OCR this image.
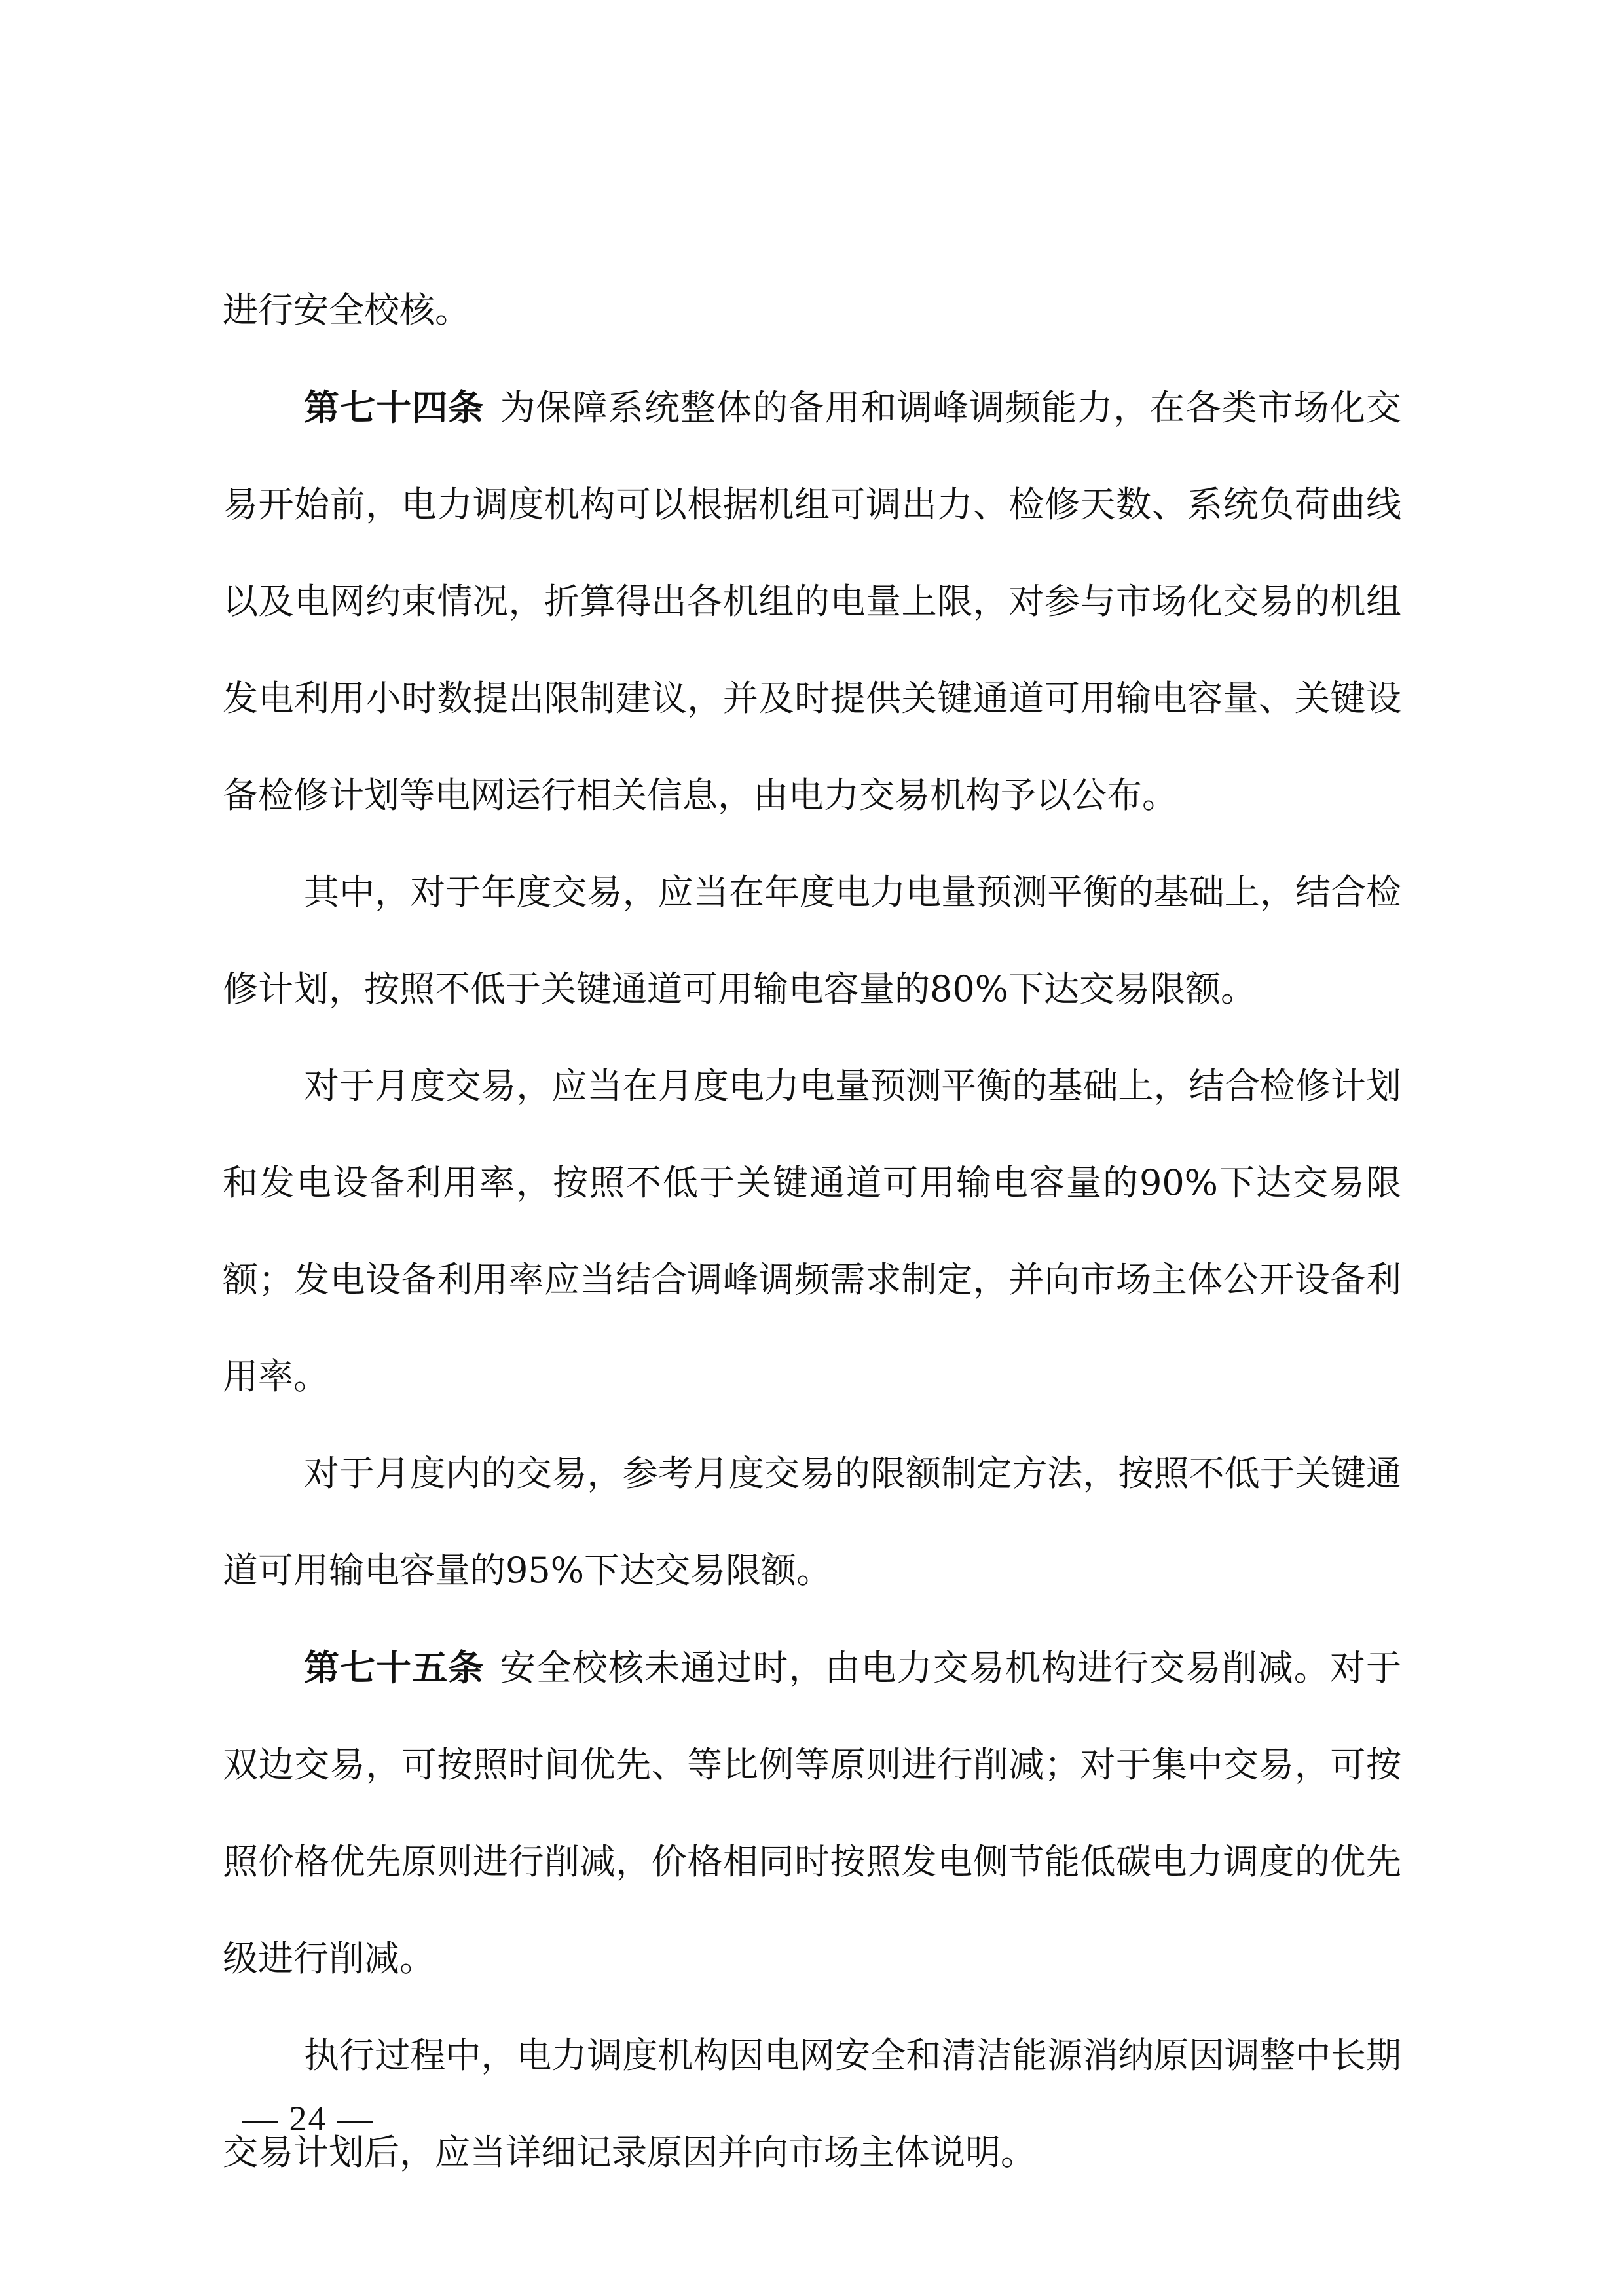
进行安全校核。

第七十四条 为保障系统整体的备用和调峰调频能力，在各类市场化交易开始前，电力调度机构可以根据机组可调出力、检修天数、系统负荷曲线以及电网约束情况，折算得出各机组的电量上限，对参与市场化交易的机组发电利用小时数提出限制建议，并及时提供关键通道可用输电容量、关键设备检修计划等电网运行相关信息，由电力交易机构予以公布。

其中，对于年度交易，应当在年度电力电量预测平衡的基础上，结合检修计划，按照不低于关键通道可用输电容量的80%下达交易限额。

对于月度交易，应当在月度电力电量预测平衡的基础上，结合检修计划和发电设备利用率，按照不低于关键通道可用输电容量的90%下达交易限额；发电设备利用率应当结合调峰调频需求制定，并向市场主体公开设备利用率。

对于月度内的交易，参考月度交易的限额制定方法，按照不低于关键通道可用输电容量的95%下达交易限额。

第七十五条 安全校核未通过时，由电力交易机构进行交易削减。对于双边交易，可按照时间优先、等比例等原则进行削减；对于集中交易，可按照价格优先原则进行削减，价格相同时按照发电侧节能低碳电力调度的优先级进行削减。

执行过程中，电力调度机构因电网安全和清洁能源消纳原因调整中长期交易计划后，应当详细记录原因并向市场主体说明。

— 24 —
